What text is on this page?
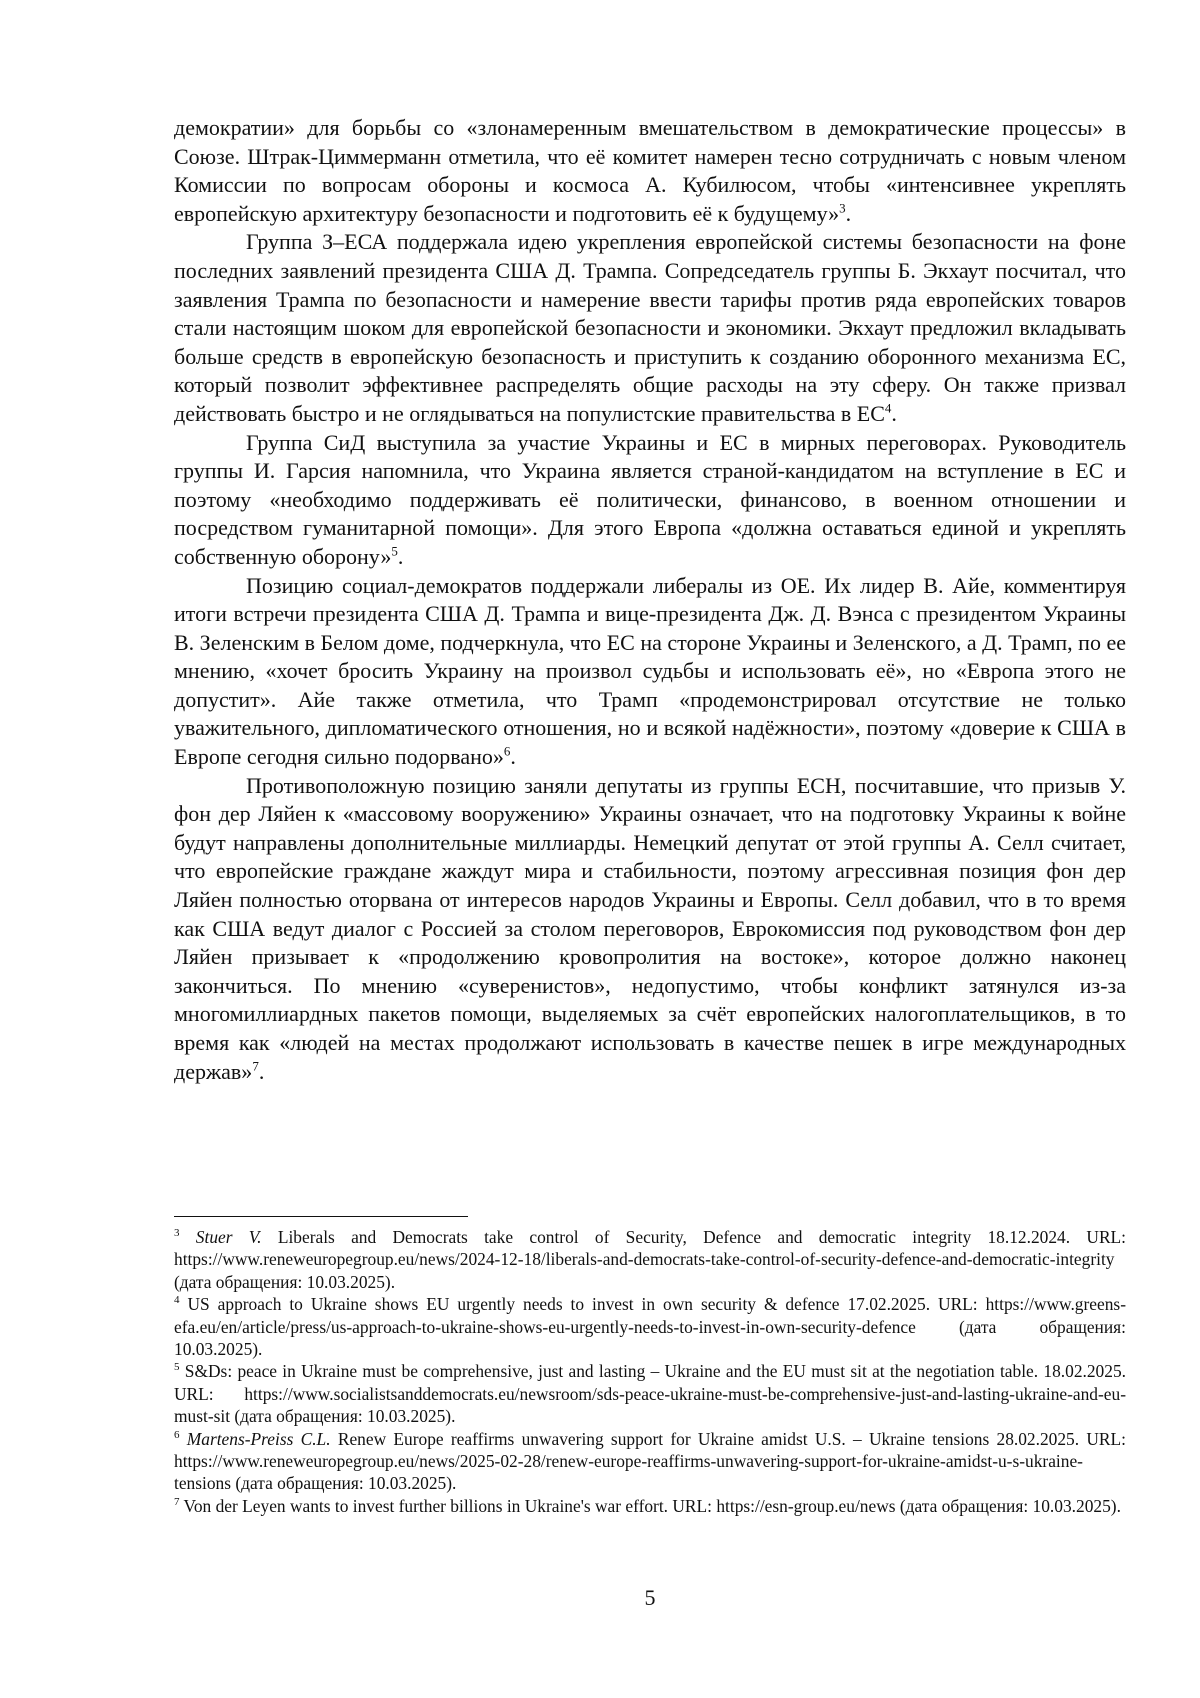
демократии» для борьбы со «злонамеренным вмешательством в демократические процессы» в Союзе. Штрак-Циммерманн отметила, что её комитет намерен тесно сотрудничать с новым членом Комиссии по вопросам обороны и космоса А. Кубилюсом, чтобы «интенсивнее укреплять европейскую архитектуру безопасности и подготовить её к будущему»$^3$.

Группа З–ЕСА поддержала идею укрепления европейской системы безопасности на фоне последних заявлений президента США Д. Трампа. Сопредседатель группы Б. Экхаут посчитал, что заявления Трампа по безопасности и намерение ввести тарифы против ряда европейских товаров стали настоящим шоком для европейской безопасности и экономики. Экхаут предложил вкладывать больше средств в европейскую безопасность и приступить к созданию оборонного механизма ЕС, который позволит эффективнее распределять общие расходы на эту сферу. Он также призвал действовать быстро и не оглядываться на популистские правительства в $ЕС^4$.

Группа СиД выступила за участие Украины и ЕС в мирных переговорах. Руководитель группы И. Гарсия напомнила, что Украина является страной-кандидатом на вступление в ЕС и поэтому «необходимо поддерживать её политически, финансово, в военном отношении и посредством гуманитарной помощи». Для этого Европа «должна оставаться единой и укреплять собственную оборону»$^5$.

Позицию социал-демократов поддержали либералы из ОЕ. Их лидер В. Айе, комментируя итоги встречи президента США Д. Трампа и вице-президента Дж. Д. Вэнса с президентом Украины В. Зеленским в Белом доме, подчеркнула, что ЕС на стороне Украины и Зеленского, а Д. Трамп, по ее мнению, «хочет бросить Украину на произвол судьбы и использовать её», но «Европа этого не допустит». Айе также отметила, что Трамп «продемонстрировал отсутствие не только уважительного, дипломатического отношения, но и всякой надёжности», поэтому «доверие к США в Европе сегодня сильно подорвано»$^6$.

Противоположную позицию заняли депутаты из группы ЕСН, посчитавшие, что призыв У. фон дер Ляйен к «массовому вооружению» Украины означает, что на подготовку Украины к войне будут направлены дополнительные миллиарды. Немецкий депутат от этой группы А. Селл считает, что европейские граждане жаждут мира и стабильности, поэтому агрессивная позиция фон дер Ляйен полностью оторвана от интересов народов Украины и Европы. Селл добавил, что в то время как США ведут диалог с Россией за столом переговоров, Еврокомиссия под руководством фон дер Ляйен призывает к «продолжению кровопролития на востоке», которое должно наконец закончиться. По мнению «суверенистов», недопустимо, чтобы конфликт затянулся из-за многомиллиардных пакетов помощи, выделяемых за счёт европейских налогоплательщиков, в то время как «людей на местах продолжают использовать в качестве пешек в игре международных держав»$^7$.

$^3$ Stuer V. Liberals and Democrats take control of Security, Defence and democratic integrity 18.12.2024. URL: https://www.reneweuropegroup.eu/news/2024-12-18/liberals-and-democrats-take-control-of-security-defence-and-democratic-integrity (дата обращения: 10.03.2025).

$^4$ US approach to Ukraine shows EU urgently needs to invest in own security & defence 17.02.2025. URL: https://www.greens-efa.eu/en/article/press/us-approach-to-ukraine-shows-eu-urgently-needs-to-invest-in-own-security-defence (дата обращения: 10.03.2025).

$^5$ S&Ds: peace in Ukraine must be comprehensive, just and lasting – Ukraine and the EU must sit at the negotiation table. 18.02.2025. URL: https://www.socialistsanddemocrats.eu/newsroom/sds-peace-ukraine-must-be-comprehensive-just-and-lasting-ukraine-and-eu-must-sit (дата обращения: 10.03.2025).

$^6$ Martens-Preiss C.L. Renew Europe reaffirms unwavering support for Ukraine amidst U.S. – Ukraine tensions 28.02.2025. URL: https://www.reneweuropegroup.eu/news/2025-02-28/renew-europe-reaffirms-unwavering-support-for-ukraine-amidst-u-s-ukraine-tensions (дата обращения: 10.03.2025).

$^7$ Von der Leyen wants to invest further billions in Ukraine's war effort. URL: https://esn-group.eu/news (дата обращения: 10.03.2025).

5
